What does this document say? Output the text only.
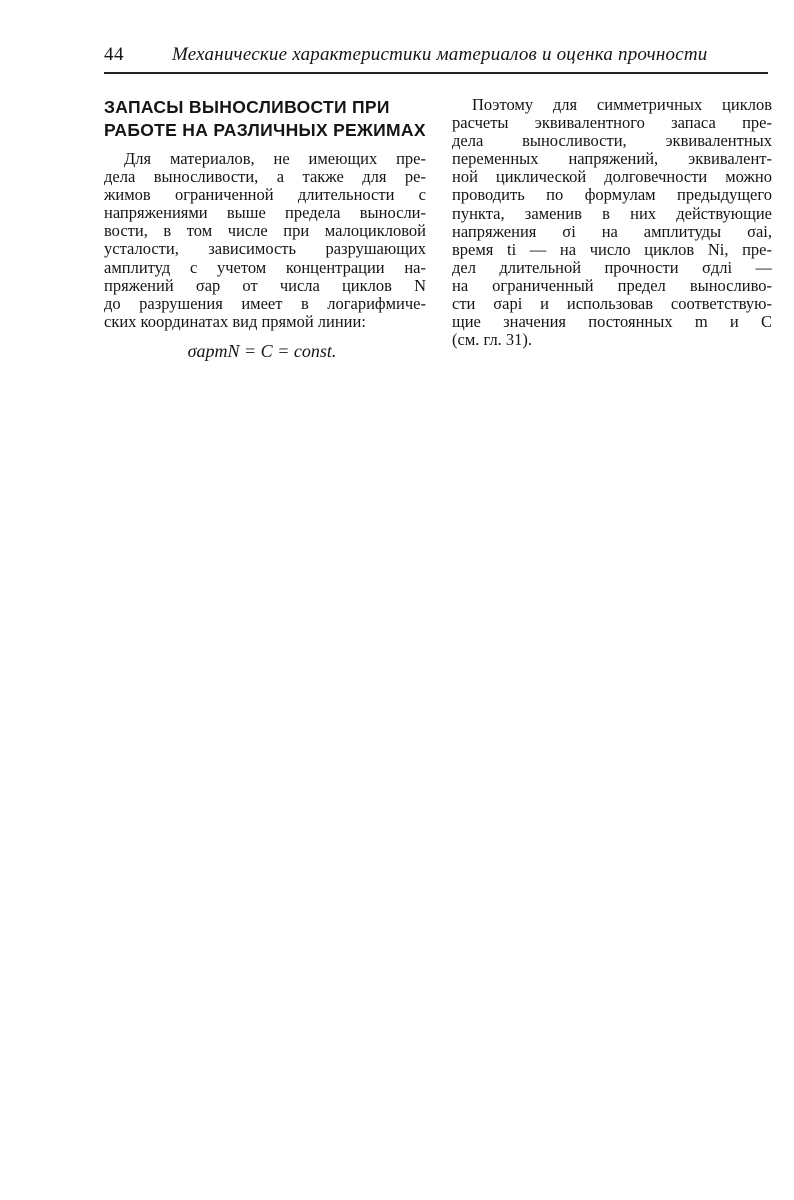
44	Механические характеристики материалов и оценка прочности
ЗАПАСЫ ВЫНОСЛИВОСТИ ПРИ
РАБОТЕ НА РАЗЛИЧНЫХ РЕЖИМАХ

Для материалов, не имеющих пре-
дела выносливости, а также для ре-
жимов ограниченной длительности с
напряжениями выше предела выносли-
вости, в том числе при малоцикловой
усталости, зависимость разрушающих
амплитуд с учетом концентрации на-
пряжений σap от числа циклов N
до разрушения имеет в логарифмиче-
ских координатах вид прямой линии:

σapmN = C = const.

Поэтому для симметричных циклов
расчеты эквивалентного запаса пре-
дела выносливости, эквивалентных
переменных напряжений, эквивалент-
ной циклической долговечности можно
проводить по формулам предыдущего
пункта, заменив в них действующие
напряжения σi на амплитуды σai,
время ti — на число циклов Ni, пре-
дел длительной прочности σдлi —
на ограниченный предел выносливо-
сти σapi и использовав соответствую-
щие значения постоянных m и C
(см. гл. 31).
